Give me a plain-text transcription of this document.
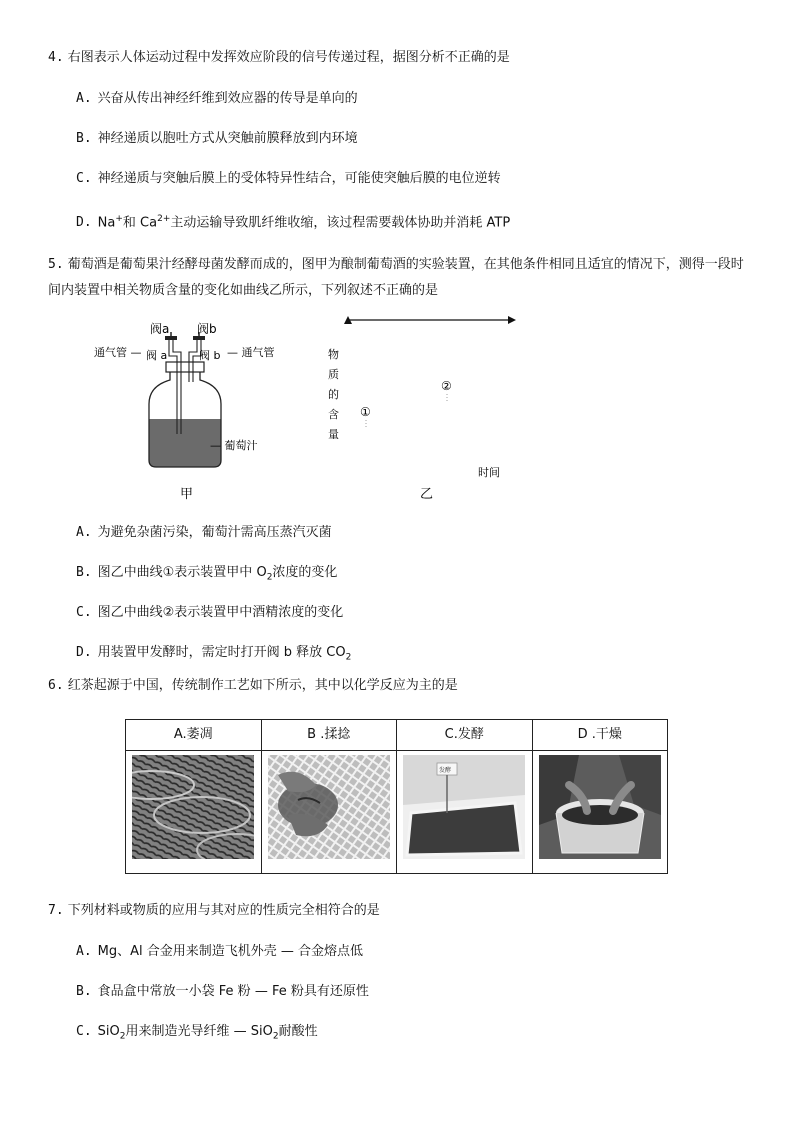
4. 右图表示人体运动过程中发挥效应阶段的信号传递过程，据图分析不正确的是
A. 兴奋从传出神经纤维到效应器的传导是单向的
B. 神经递质以胞吐方式从突触前膜释放到内环境
C. 神经递质与突触后膜上的受体特异性结合，可能使突触后膜的电位逆转
D. Na+和 $Ca^{2+}$主动运输导致肌纤维收缩，该过程需要载体协助并消耗 ATP
5. 葡萄酒是葡萄果汁经酵母菌发酵而成的，图甲为酿制葡萄酒的实验装置，在其他条件相同且适宜的情况下，测得一段时间内装置中相关物质含量的变化如曲线乙所示，下列叙述不正确的是
阀a 阀b
通气管 — 阀 a	阀 b — 通气管
— 葡萄汁
甲
物
质
的
含
量
①
②
时间
乙
A. 为避免杂菌污染，葡萄汁需高压蒸汽灭菌
B. 图乙中曲线①表示装置甲中 $O_2$浓度的变化
C. 图乙中曲线②表示装置甲中酒精浓度的变化
D. 用装置甲发酵时，需定时打开阀 b 释放 $CO_2$
6. 红茶起源于中国，传统制作工艺如下所示，其中以化学反应为主的是
A.萎凋	B .揉捻	C.发酵	D .干燥

发酵

7. 下列材料或物质的应用与其对应的性质完全相符合的是
A. Mg、Al 合金用来制造飞机外壳 — 合金熔点低
B. 食品盒中常放一小袋 Fe 粉 — Fe 粉具有还原性
C. SiO$_2$用来制造光导纤维 — SiO$_2$耐酸性
